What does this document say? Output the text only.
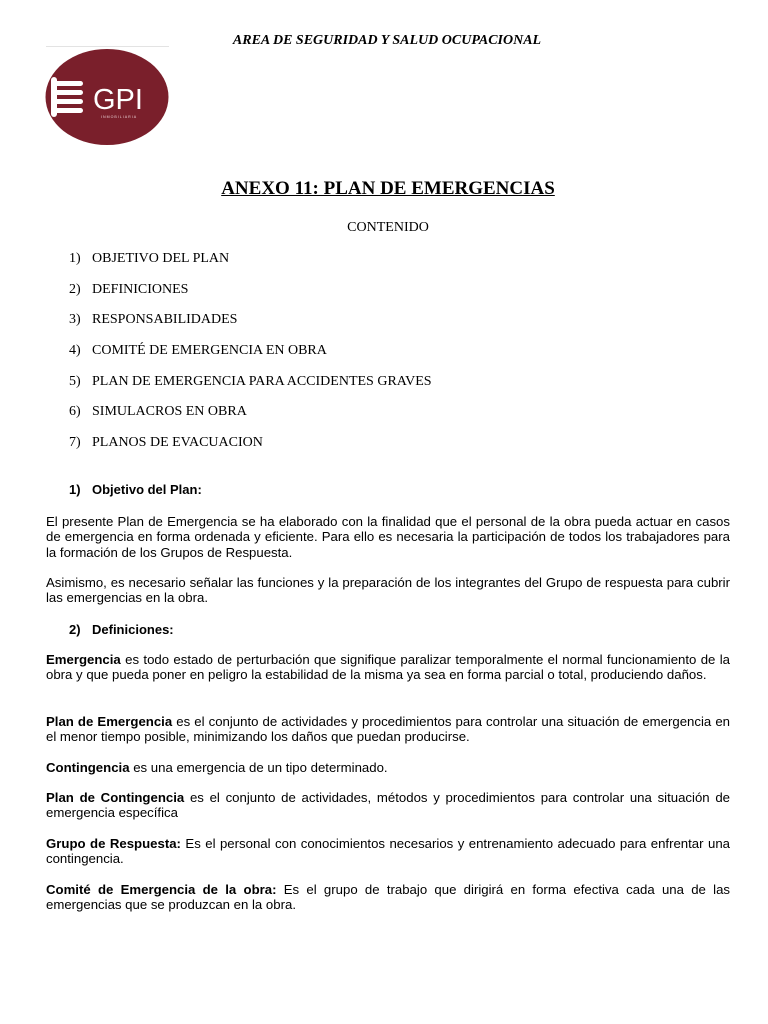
AREA DE SEGURIDAD Y SALUD OCUPACIONAL
GPI
INMOBILIARIA
ANEXO 11: PLAN DE EMERGENCIAS
CONTENIDO
1) OBJETIVO DEL PLAN
2) DEFINICIONES
3) RESPONSABILIDADES
4) COMITÉ DE EMERGENCIA EN OBRA
5) PLAN DE EMERGENCIA PARA ACCIDENTES GRAVES
6) SIMULACROS EN OBRA
7) PLANOS DE EVACUACION
1) Objetivo del Plan:

El presente Plan de Emergencia se ha elaborado con la finalidad que el personal de la obra pueda actuar en casos de emergencia en forma ordenada y eficiente. Para ello es necesaria la participación de todos los trabajadores para la formación de los Grupos de Respuesta.

Asimismo, es necesario señalar las funciones y la preparación de los integrantes del Grupo de respuesta para cubrir las emergencias en la obra.

2) Definiciones:

Emergencia es todo estado de perturbación que signifique paralizar temporalmente el normal funcionamiento de la obra y que pueda poner en peligro la estabilidad de la misma ya sea en forma parcial o total, produciendo daños.

Plan de Emergencia es el conjunto de actividades y procedimientos para controlar una situación de emergencia en el menor tiempo posible, minimizando los daños que puedan producirse.

Contingencia es una emergencia de un tipo determinado.

Plan de Contingencia es el conjunto de actividades, métodos y procedimientos para controlar una situación de emergencia específica

Grupo de Respuesta: Es el personal con conocimientos necesarios y entrenamiento adecuado para enfrentar una contingencia.

Comité de Emergencia de la obra: Es el grupo de trabajo que dirigirá en forma efectiva cada una de las emergencias que se produzcan en la obra.
